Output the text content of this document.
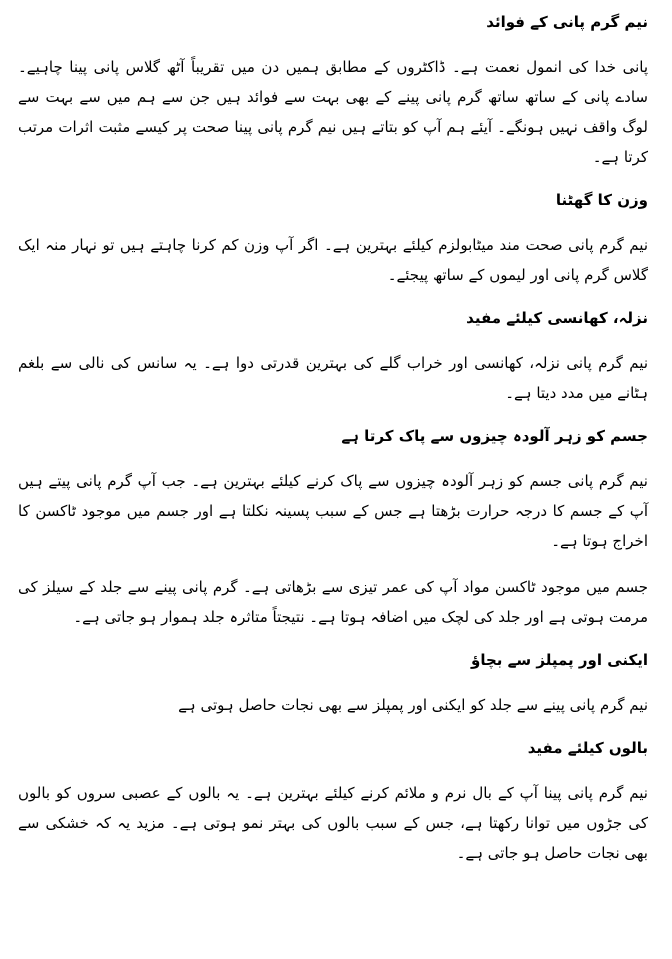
نیم گرم پانی کے فوائد

پانی خدا کی انمول نعمت ہے۔ ڈاکٹروں کے مطابق ہمیں دن میں تقریباً آٹھ گلاس پانی پینا چاہیے۔ سادے پانی کے ساتھ ساتھ گرم پانی پینے کے بھی بہت سے فوائد ہیں جن سے ہم میں سے بہت سے لوگ واقف نہیں ہونگے۔ آیئے ہم آپ کو بتاتے ہیں نیم گرم پانی پینا صحت پر کیسے مثبت اثرات مرتب کرتا ہے۔

وزن کا گھٹنا

نیم گرم پانی صحت مند میٹابولزم کیلئے بہترین ہے۔ اگر آپ وزن کم کرنا چاہتے ہیں تو نہار منہ ایک گلاس گرم پانی اور لیموں کے ساتھ پیجئے۔

نزلہ، کھانسی کیلئے مفید

نیم گرم پانی نزلہ، کھانسی اور خراب گلے کی بہترین قدرتی دوا ہے۔ یہ سانس کی نالی سے بلغم ہٹانے میں مدد دیتا ہے۔

جسم کو زہر آلودہ چیزوں سے پاک کرتا ہے

نیم گرم پانی جسم کو زہر آلودہ چیزوں سے پاک کرنے کیلئے بہترین ہے۔ جب آپ گرم پانی پیتے ہیں آپ کے جسم کا درجہ حرارت بڑھتا ہے جس کے سبب پسینہ نکلتا ہے اور جسم میں موجود ٹاکسن کا اخراج ہوتا ہے۔

جسم میں موجود ٹاکسن مواد آپ کی عمر تیزی سے بڑھاتی ہے۔ گرم پانی پینے سے جلد کے سیلز کی مرمت ہوتی ہے اور جلد کی لچک میں اضافہ ہوتا ہے۔ نتیجتاً متاثرہ جلد ہموار ہو جاتی ہے۔

ایکنی اور پمپلز سے بچاؤ

نیم گرم پانی پینے سے جلد کو ایکنی اور پمپلز سے بھی نجات حاصل ہوتی ہے

بالوں کیلئے مفید

نیم گرم پانی پینا آپ کے بال نرم و ملائم کرنے کیلئے بہترین ہے۔ یہ بالوں کے عصبی سروں کو بالوں کی جڑوں میں توانا رکھتا ہے، جس کے سبب بالوں کی بہتر نمو ہوتی ہے۔ مزید یہ کہ خشکی سے بھی نجات حاصل ہو جاتی ہے۔
